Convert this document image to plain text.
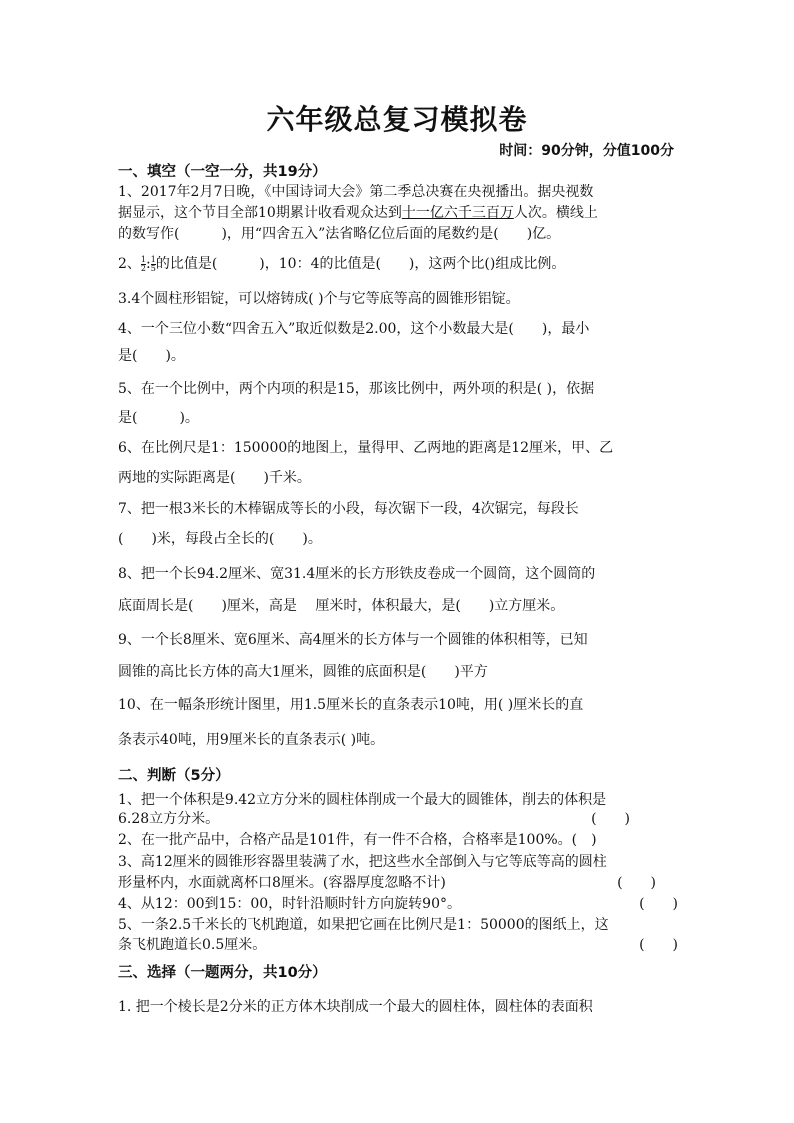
六年级总复习模拟卷
时间：90分钟，分值100分
一、填空（一空一分，共19分）
1、2017年2月7日晚，《中国诗词大会》第二季总决赛在央视播出。据央视数
据显示，这个节目全部10期累计收看观众达到十一亿六千三百万人次。横线上
的数写作(　　　)，用“四舍五入”法省略亿位后面的尾数约是(　　)亿。
2、 $\frac{1}{2}$ : $\frac{1}{5}$ 的比值是(　　　)，10：4的比值是(　　)，这两个比()组成比例。
3.4个圆柱形铝锭，可以熔铸成( )个与它等底等高的圆锥形铝锭。
4、一个三位小数“四舍五入”取近似数是2.00，这个小数最大是(　　)，最小
是(　　)。
5、在一个比例中，两个内项的积是15，那该比例中，两外项的积是( )，依据
是(　　　)。
6、在比例尺是1：150000的地图上，量得甲、乙两地的距离是12厘米，甲、乙
两地的实际距离是(　　)千米。
7、把一根3米长的木棒锯成等长的小段，每次锯下一段，4次锯完，每段长
(　　)米，每段占全长的(　　)。
8、把一个长94.2厘米、宽31.4厘米的长方形铁皮卷成一个圆筒，这个圆筒的
底面周长是(　　)厘米，高是　 厘米时，体积最大，是(　　)立方厘米。
9、一个长8厘米、宽6厘米、高4厘米的长方体与一个圆锥的体积相等，已知
圆锥的高比长方体的高大1厘米，圆锥的底面积是(　　)平方
10、在一幅条形统计图里，用1.5厘米长的直条表示10吨，用( )厘米长的直
条表示40吨，用9厘米长的直条表示( )吨。
二、判断（5分）
1、把一个体积是9.42立方分米的圆柱体削成一个最大的圆锥体，削去的体积是
6.28立方分米。	(　　)
2、在一批产品中，合格产品是101件，有一件不合格，合格率是100%。(　)
3、高12厘米的圆锥形容器里装满了水，把这些水全部倒入与它等底等高的圆柱
形量杯内，水面就离杯口8厘米。(容器厚度忽略不计)	(　　)
4、从12：00到15：00，时针沿顺时针方向旋转90°。	(　　)
5、一条2.5千米长的飞机跑道，如果把它画在比例尺是1：50000的图纸上，这
条飞机跑道长0.5厘米。	(　　)
三、选择（一题两分，共10分）
1. 把一个棱长是2分米的正方体木块削成一个最大的圆柱体，圆柱体的表面积
